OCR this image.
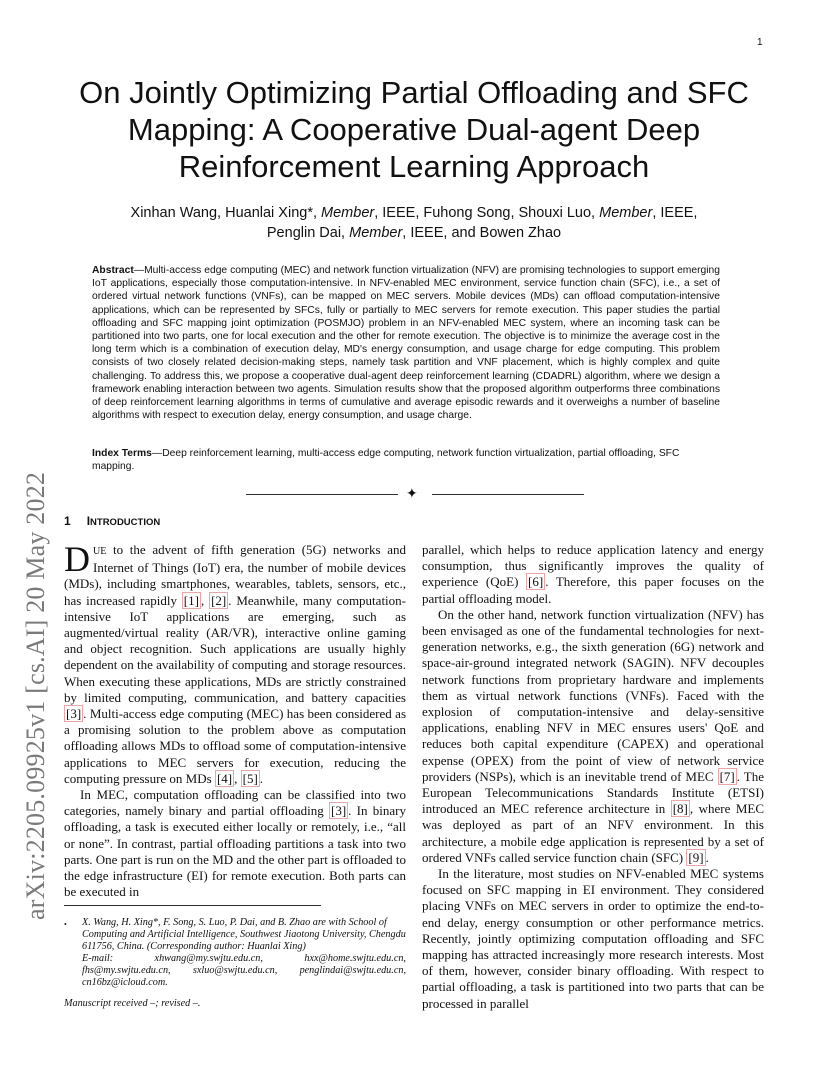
1
arXiv:2205.09925v1 [cs.AI] 20 May 2022
On Jointly Optimizing Partial Offloading and SFC Mapping: A Cooperative Dual-agent Deep Reinforcement Learning Approach
Xinhan Wang, Huanlai Xing*, Member, IEEE, Fuhong Song, Shouxi Luo, Member, IEEE,
Penglin Dai, Member, IEEE, and Bowen Zhao

Abstract—Multi-access edge computing (MEC) and network function virtualization (NFV) are promising technologies to support emerging IoT applications, especially those computation-intensive. In NFV-enabled MEC environment, service function chain (SFC), i.e., a set of ordered virtual network functions (VNFs), can be mapped on MEC servers. Mobile devices (MDs) can offload computation-intensive applications, which can be represented by SFCs, fully or partially to MEC servers for remote execution. This paper studies the partial offloading and SFC mapping joint optimization (POSMJO) problem in an NFV-enabled MEC system, where an incoming task can be partitioned into two parts, one for local execution and the other for remote execution. The objective is to minimize the average cost in the long term which is a combination of execution delay, MD's energy consumption, and usage charge for edge computing. This problem consists of two closely related decision-making steps, namely task partition and VNF placement, which is highly complex and quite challenging. To address this, we propose a cooperative dual-agent deep reinforcement learning (CDADRL) algorithm, where we design a framework enabling interaction between two agents. Simulation results show that the proposed algorithm outperforms three combinations of deep reinforcement learning algorithms in terms of cumulative and average episodic rewards and it overweighs a number of baseline algorithms with respect to execution delay, energy consumption, and usage charge.

Index Terms—Deep reinforcement learning, multi-access edge computing, network function virtualization, partial offloading, SFC mapping.

✦
1 INTRODUCTION

DUE to the advent of fifth generation (5G) networks and Internet of Things (IoT) era, the number of mobile devices (MDs), including smartphones, wearables, tablets, sensors, etc., has increased rapidly [1] , [2] . Meanwhile, many computation-intensive IoT applications are emerging, such as augmented/virtual reality (AR/VR), interactive online gaming and object recognition. Such applications are usually highly dependent on the availability of computing and storage resources. When executing these applications, MDs are strictly constrained by limited computing, communication, and battery capacities [3] . Multi-access edge computing (MEC) has been considered as a promising solution to the problem above as computation offloading allows MDs to offload some of computation-intensive applications to MEC servers for execution, reducing the computing pressure on MDs [4] , [5] .

In MEC, computation offloading can be classified into two categories, namely binary and partial offloading [3] . In binary offloading, a task is executed either locally or remotely, i.e., “all or none”. In contrast, partial offloading partitions a task into two parts. One part is run on the MD and the other part is offloaded to the edge infrastructure (EI) for remote execution. Both parts can be executed in

parallel, which helps to reduce application latency and energy consumption, thus significantly improves the quality of experience (QoE) [6] . Therefore, this paper focuses on the partial offloading model.

On the other hand, network function virtualization (NFV) has been envisaged as one of the fundamental technologies for next-generation networks, e.g., the sixth generation (6G) network and space-air-ground integrated network (SAGIN). NFV decouples network functions from proprietary hardware and implements them as virtual network functions (VNFs). Faced with the explosion of computation-intensive and delay-sensitive applications, enabling NFV in MEC ensures users' QoE and reduces both capital expenditure (CAPEX) and operational expense (OPEX) from the point of view of network service providers (NSPs), which is an inevitable trend of MEC [7] . The European Telecommunications Standards Institute (ETSI) introduced an MEC reference architecture in [8] , where MEC was deployed as part of an NFV environment. In this architecture, a mobile edge application is represented by a set of ordered VNFs called service function chain (SFC) [9] .

In the literature, most studies on NFV-enabled MEC systems focused on SFC mapping in EI environment. They considered placing VNFs on MEC servers in order to optimize the end-to-end delay, energy consumption or other performance metrics. Recently, jointly optimizing computation offloading and SFC mapping has attracted increasingly more research interests. Most of them, however, consider binary offloading. With respect to partial offloading, a task is partitioned into two parts that can be processed in parallel

• X. Wang, H. Xing*, F. Song, S. Luo, P. Dai, and B. Zhao are with School of Computing and Artificial Intelligence, Southwest Jiaotong University, Chengdu 611756, China. (Corresponding author: Huanlai Xing)

E-mail:	xhwang@my.swjtu.edu.cn,	hxx@home.swjtu.edu.cn,
fhs@my.swjtu.edu.cn, sxluo@swjtu.edu.cn, penglindai@swjtu.edu.cn,
cn16bz@icloud.com.
Manuscript received –; revised –.
